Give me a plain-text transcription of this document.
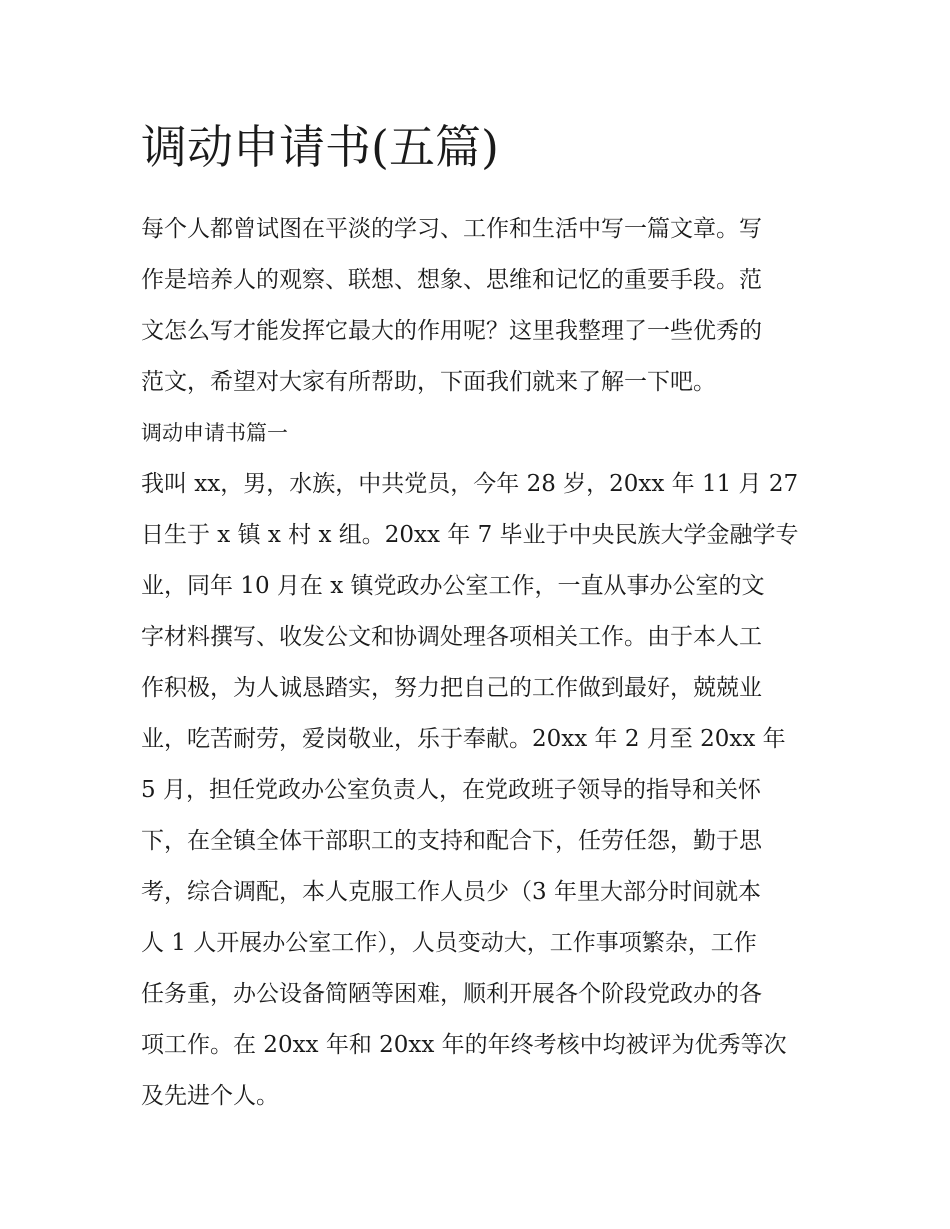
调动申请书(五篇)

每个人都曾试图在平淡的学习、工作和生活中写一篇文章。写

作是培养人的观察、联想、想象、思维和记忆的重要手段。范

文怎么写才能发挥它最大的作用呢？这里我整理了一些优秀的

范文，希望对大家有所帮助，下面我们就来了解一下吧。

调动申请书篇一

我叫 xx，男，水族，中共党员，今年 28 岁，20xx 年 11 月 27

日生于 x 镇 x 村 x 组。20xx 年 7 毕业于中央民族大学金融学专

业，同年 10 月在 x 镇党政办公室工作，一直从事办公室的文

字材料撰写、收发公文和协调处理各项相关工作。由于本人工

作积极，为人诚恳踏实，努力把自己的工作做到最好，兢兢业

业，吃苦耐劳，爱岗敬业，乐于奉献。20xx 年 2 月至 20xx 年

5 月，担任党政办公室负责人，在党政班子领导的指导和关怀

下，在全镇全体干部职工的支持和配合下，任劳任怨，勤于思

考，综合调配，本人克服工作人员少（3 年里大部分时间就本

人 1 人开展办公室工作），人员变动大，工作事项繁杂，工作

任务重，办公设备简陋等困难，顺利开展各个阶段党政办的各

项工作。在 20xx 年和 20xx 年的年终考核中均被评为优秀等次

及先进个人。
